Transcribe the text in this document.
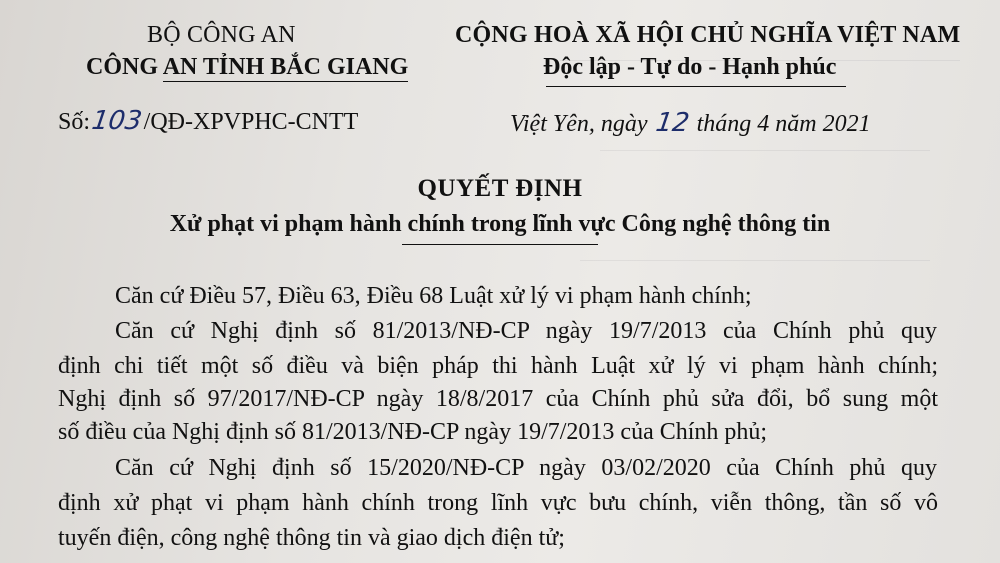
BỘ CÔNG AN
CÔNG AN TỈNH BẮC GIANG
CỘNG HOÀ XÃ HỘI CHỦ NGHĨA VIỆT NAM
Độc lập - Tự do - Hạnh phúc
Số:103/QĐ-XPVPHC-CNTT	Việt Yên, ngày 12 tháng 4 năm 2021
QUYẾT ĐỊNH
Xử phạt vi phạm hành chính trong lĩnh vực Công nghệ thông tin
Căn cứ Điều 57, Điều 63, Điều 68 Luật xử lý vi phạm hành chính;
Căn cứ Nghị định số 81/2013/NĐ-CP ngày 19/7/2013 của Chính phủ quy
định chi tiết một số điều và biện pháp thi hành Luật xử lý vi phạm hành chính;
Nghị định số 97/2017/NĐ-CP ngày 18/8/2017 của Chính phủ sửa đổi, bổ sung một
số điều của Nghị định số 81/2013/NĐ-CP ngày 19/7/2013 của Chính phủ;
Căn cứ Nghị định số 15/2020/NĐ-CP ngày 03/02/2020 của Chính phủ quy
định xử phạt vi phạm hành chính trong lĩnh vực bưu chính, viễn thông, tần số vô
tuyến điện, công nghệ thông tin và giao dịch điện tử;
